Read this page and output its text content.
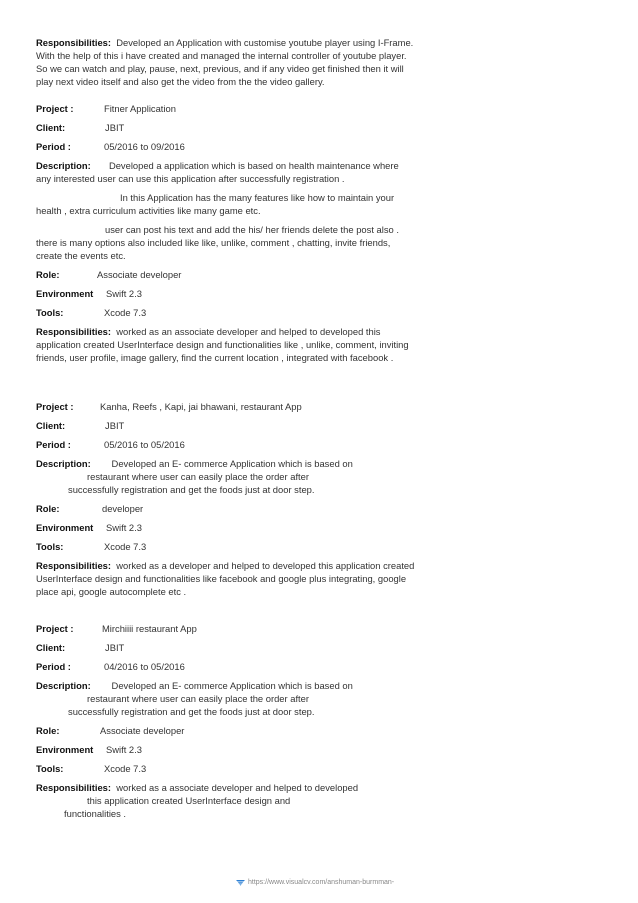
Responsibilities: Developed an Application with customise youtube player using I-Frame. With the help of this i have created and managed the internal controller of youtube player. So we can watch and play, pause, next, previous, and if any video get finished then it will play next video itself and also get the video from the the video gallery.

Project :	Fitner Application
Client:	JBIT
Period :	05/2016 to 09/2016

Description: Developed a application which is based on health maintenance where any interested user can use this application after successfully registration .

In this Application has the many features like how to maintain your health , extra curriculum activities like many game etc.

user can post his text and add the his/ her friends delete the post also . there is many options also included like like, unlike, comment , chatting, invite friends, create the events etc.

Role:	Associate developer
Environment Swift 2.3
Tools:	Xcode 7.3

Responsibilities: worked as an associate developer and helped to developed this application created UserInterface design and functionalities like , unlike, comment, inviting friends, user profile, image gallery, find the current location , integrated with facebook .

Project :	Kanha, Reefs , Kapi, jai bhawani, restaurant App
Client:	JBIT
Period :	05/2016 to 05/2016

Description: Developed an E- commerce Application which is based on

restaurant where user can easily place the order after

successfully registration and get the foods just at door step.

Role:	developer
Environment Swift 2.3
Tools:	Xcode 7.3

Responsibilities: worked as a developer and helped to developed this application created UserInterface design and functionalities like facebook and google plus integrating, google place api, google autocomplete etc .

Project :	Mirchiiii restaurant App
Client:	JBIT
Period :	04/2016 to 05/2016

Description: Developed an E- commerce Application which is based on

restaurant where user can easily place the order after

successfully registration and get the foods just at door step.

Role:	Associate developer
Environment Swift 2.3
Tools:	Xcode 7.3

Responsibilities: worked as a associate developer and helped to developed

this application created UserInterface design and

functionalities .

https://www.visualcv.com/anshuman-burmman-
